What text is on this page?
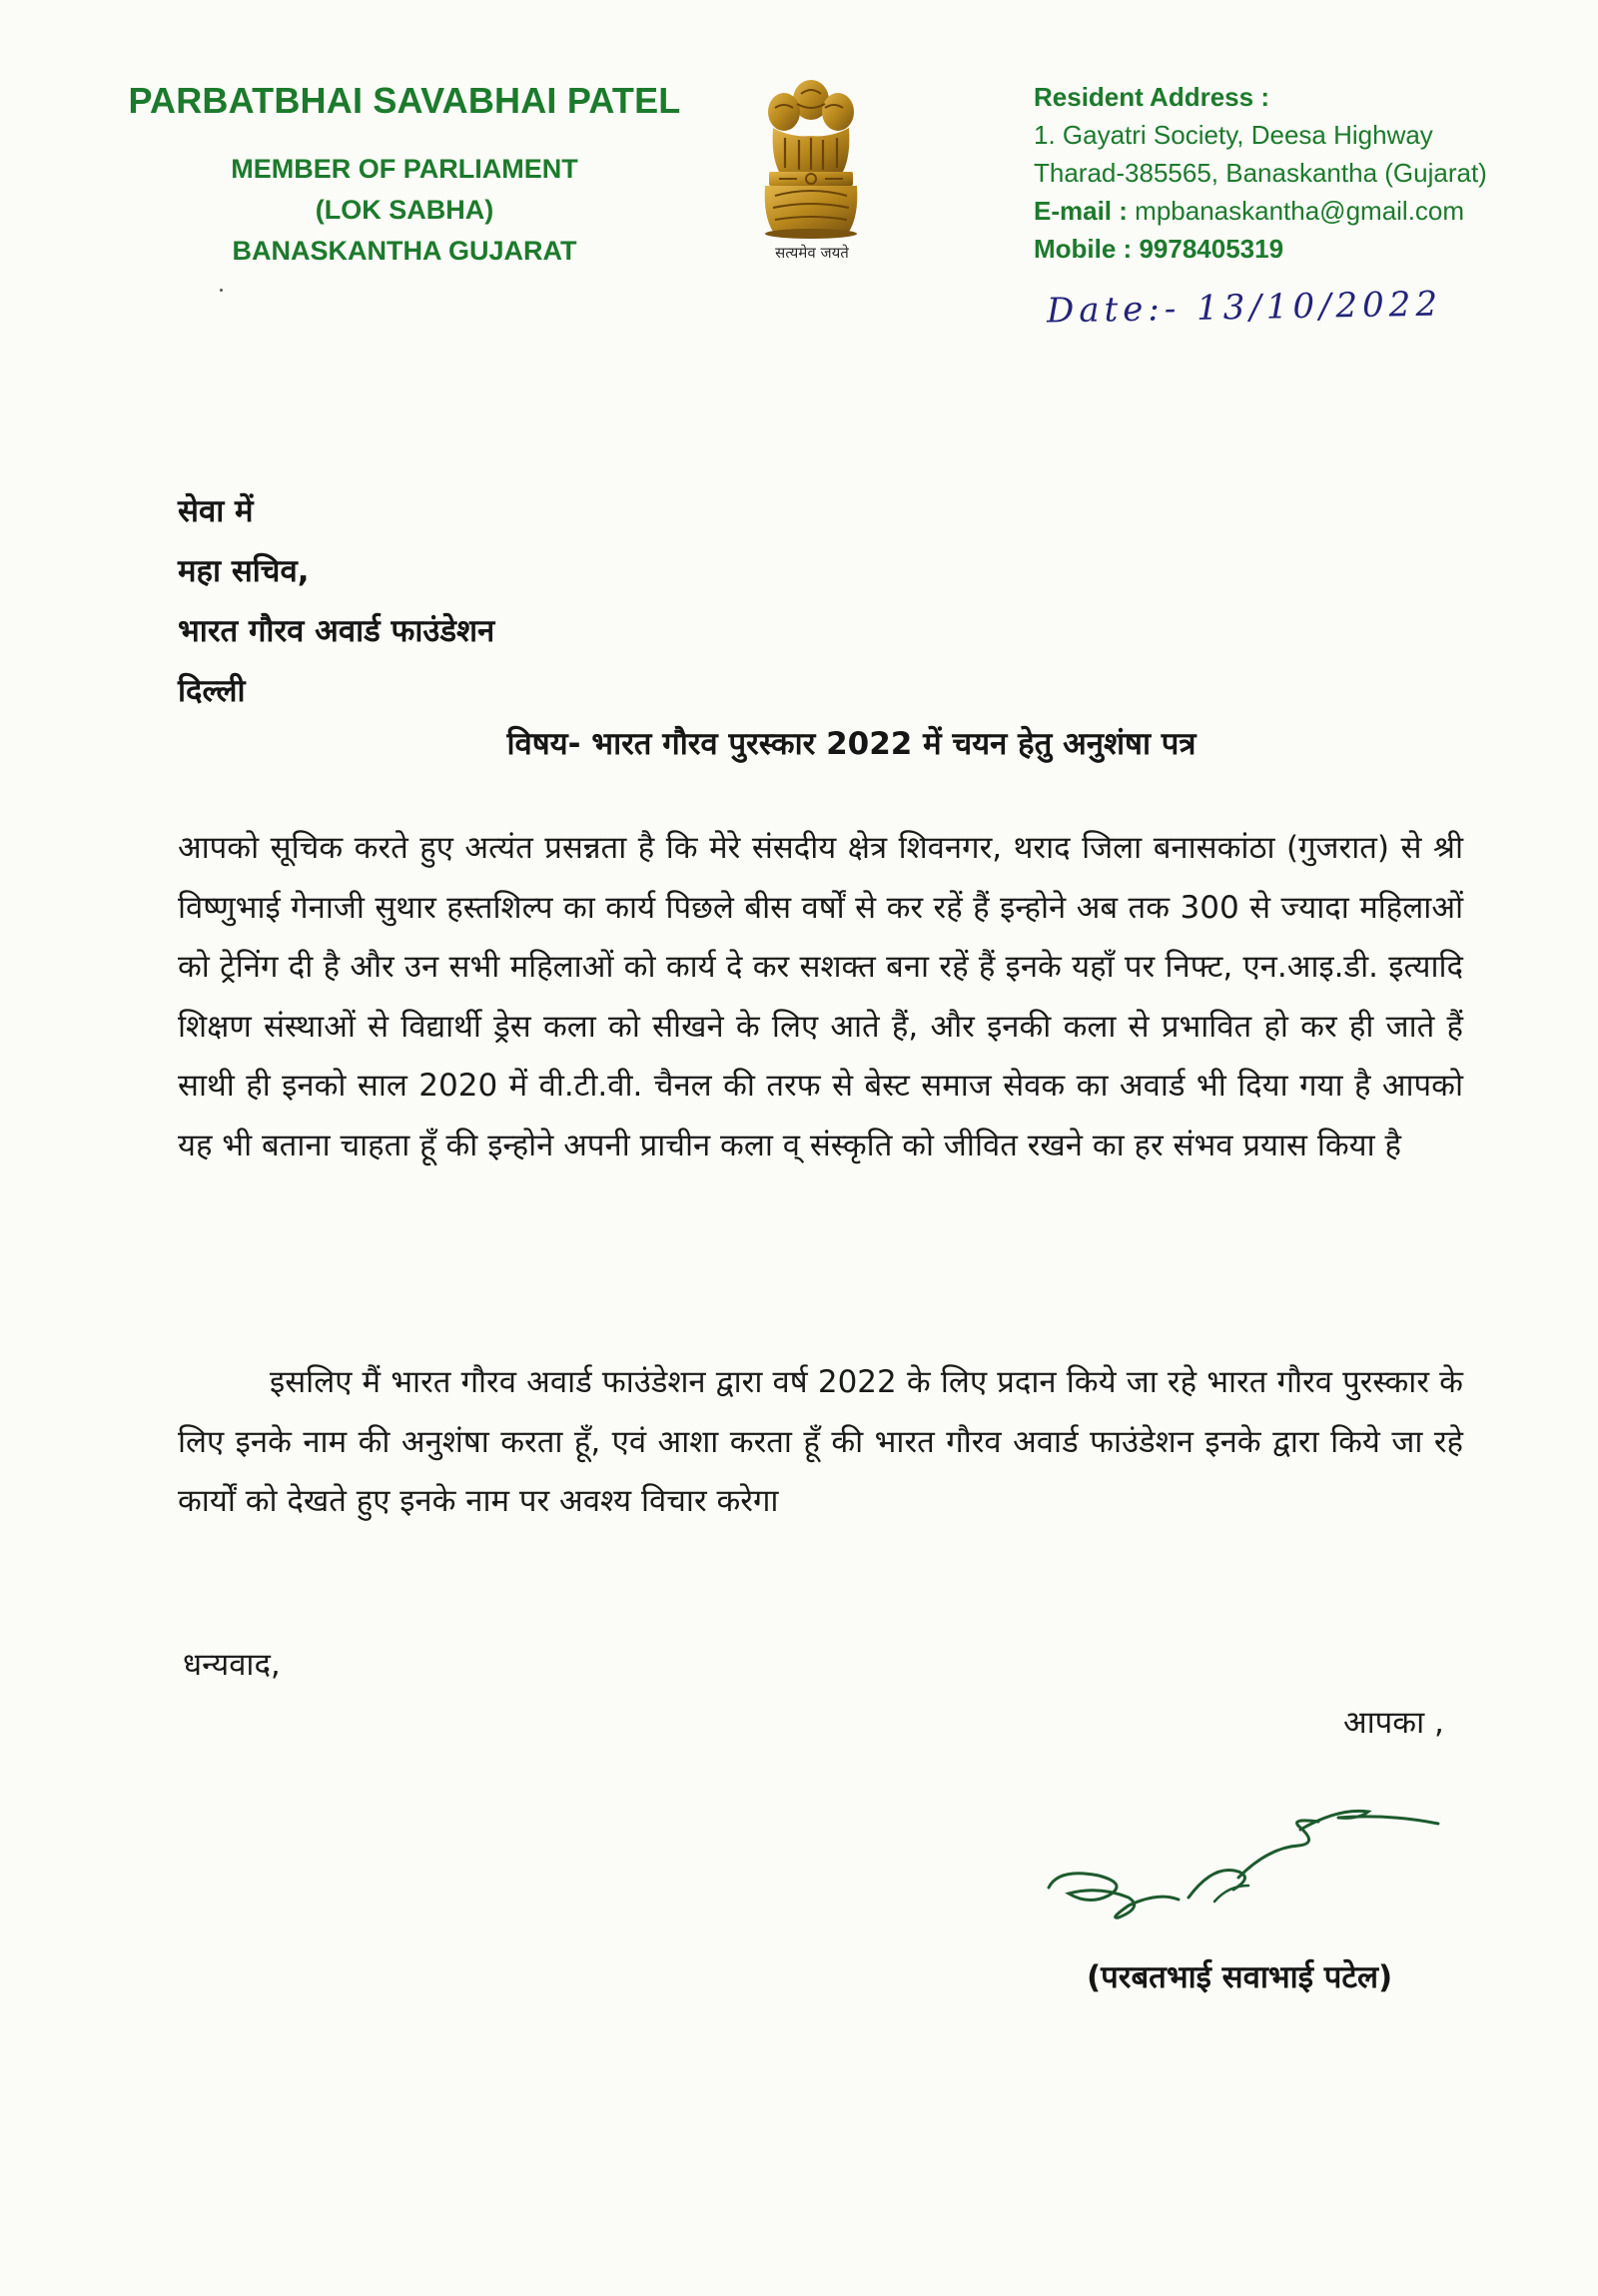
PARBATBHAI SAVABHAI PATEL

MEMBER OF PARLIAMENT

(LOK SABHA)

BANASKANTHA GUJARAT	सत्यमेव जयते
Resident Address :
1. Gayatri Society, Deesa Highway
Tharad-385565, Banaskantha (Gujarat)
E-mail : mpbanaskantha@gmail.com
Mobile : 9978405319
Date:- 13/10/2022
सेवा में
महा सचिव,
भारत गौरव अवार्ड फाउंडेशन
दिल्ली
विषय- भारत गौरव पुरस्कार 2022 में चयन हेतु अनुशंषा पत्र
आपको सूचिक करते हुए अत्यंत प्रसन्नता है कि मेरे संसदीय क्षेत्र शिवनगर, थराद जिला बनासकांठा (गुजरात) से श्री विष्णुभाई गेनाजी सुथार हस्तशिल्प का कार्य पिछले बीस वर्षों से कर रहें हैं इन्होने अब तक 300 से ज्यादा महिलाओं को ट्रेनिंग दी है और उन सभी महिलाओं को कार्य दे कर सशक्त बना रहें हैं इनके यहाँ पर निफ्ट, एन.आइ.डी. इत्यादि शिक्षण संस्थाओं से विद्यार्थी ड्रेस कला को सीखने के लिए आते हैं, और इनकी कला से प्रभावित हो कर ही जाते हैं साथी ही इनको साल 2020 में वी.टी.वी. चैनल की तरफ से बेस्ट समाज सेवक का अवार्ड भी दिया गया है आपको यह भी बताना चाहता हूँ की इन्होने अपनी प्राचीन कला व् संस्कृति को जीवित रखने का हर संभव प्रयास किया है
इसलिए मैं भारत गौरव अवार्ड फाउंडेशन द्वारा वर्ष 2022 के लिए प्रदान किये जा रहे भारत गौरव पुरस्कार के लिए इनके नाम की अनुशंषा करता हूँ, एवं आशा करता हूँ की भारत गौरव अवार्ड फाउंडेशन इनके द्वारा किये जा रहे कार्यों को देखते हुए इनके नाम पर अवश्य विचार करेगा
धन्यवाद,
आपका ,
(परबतभाई सवाभाई पटेल)
